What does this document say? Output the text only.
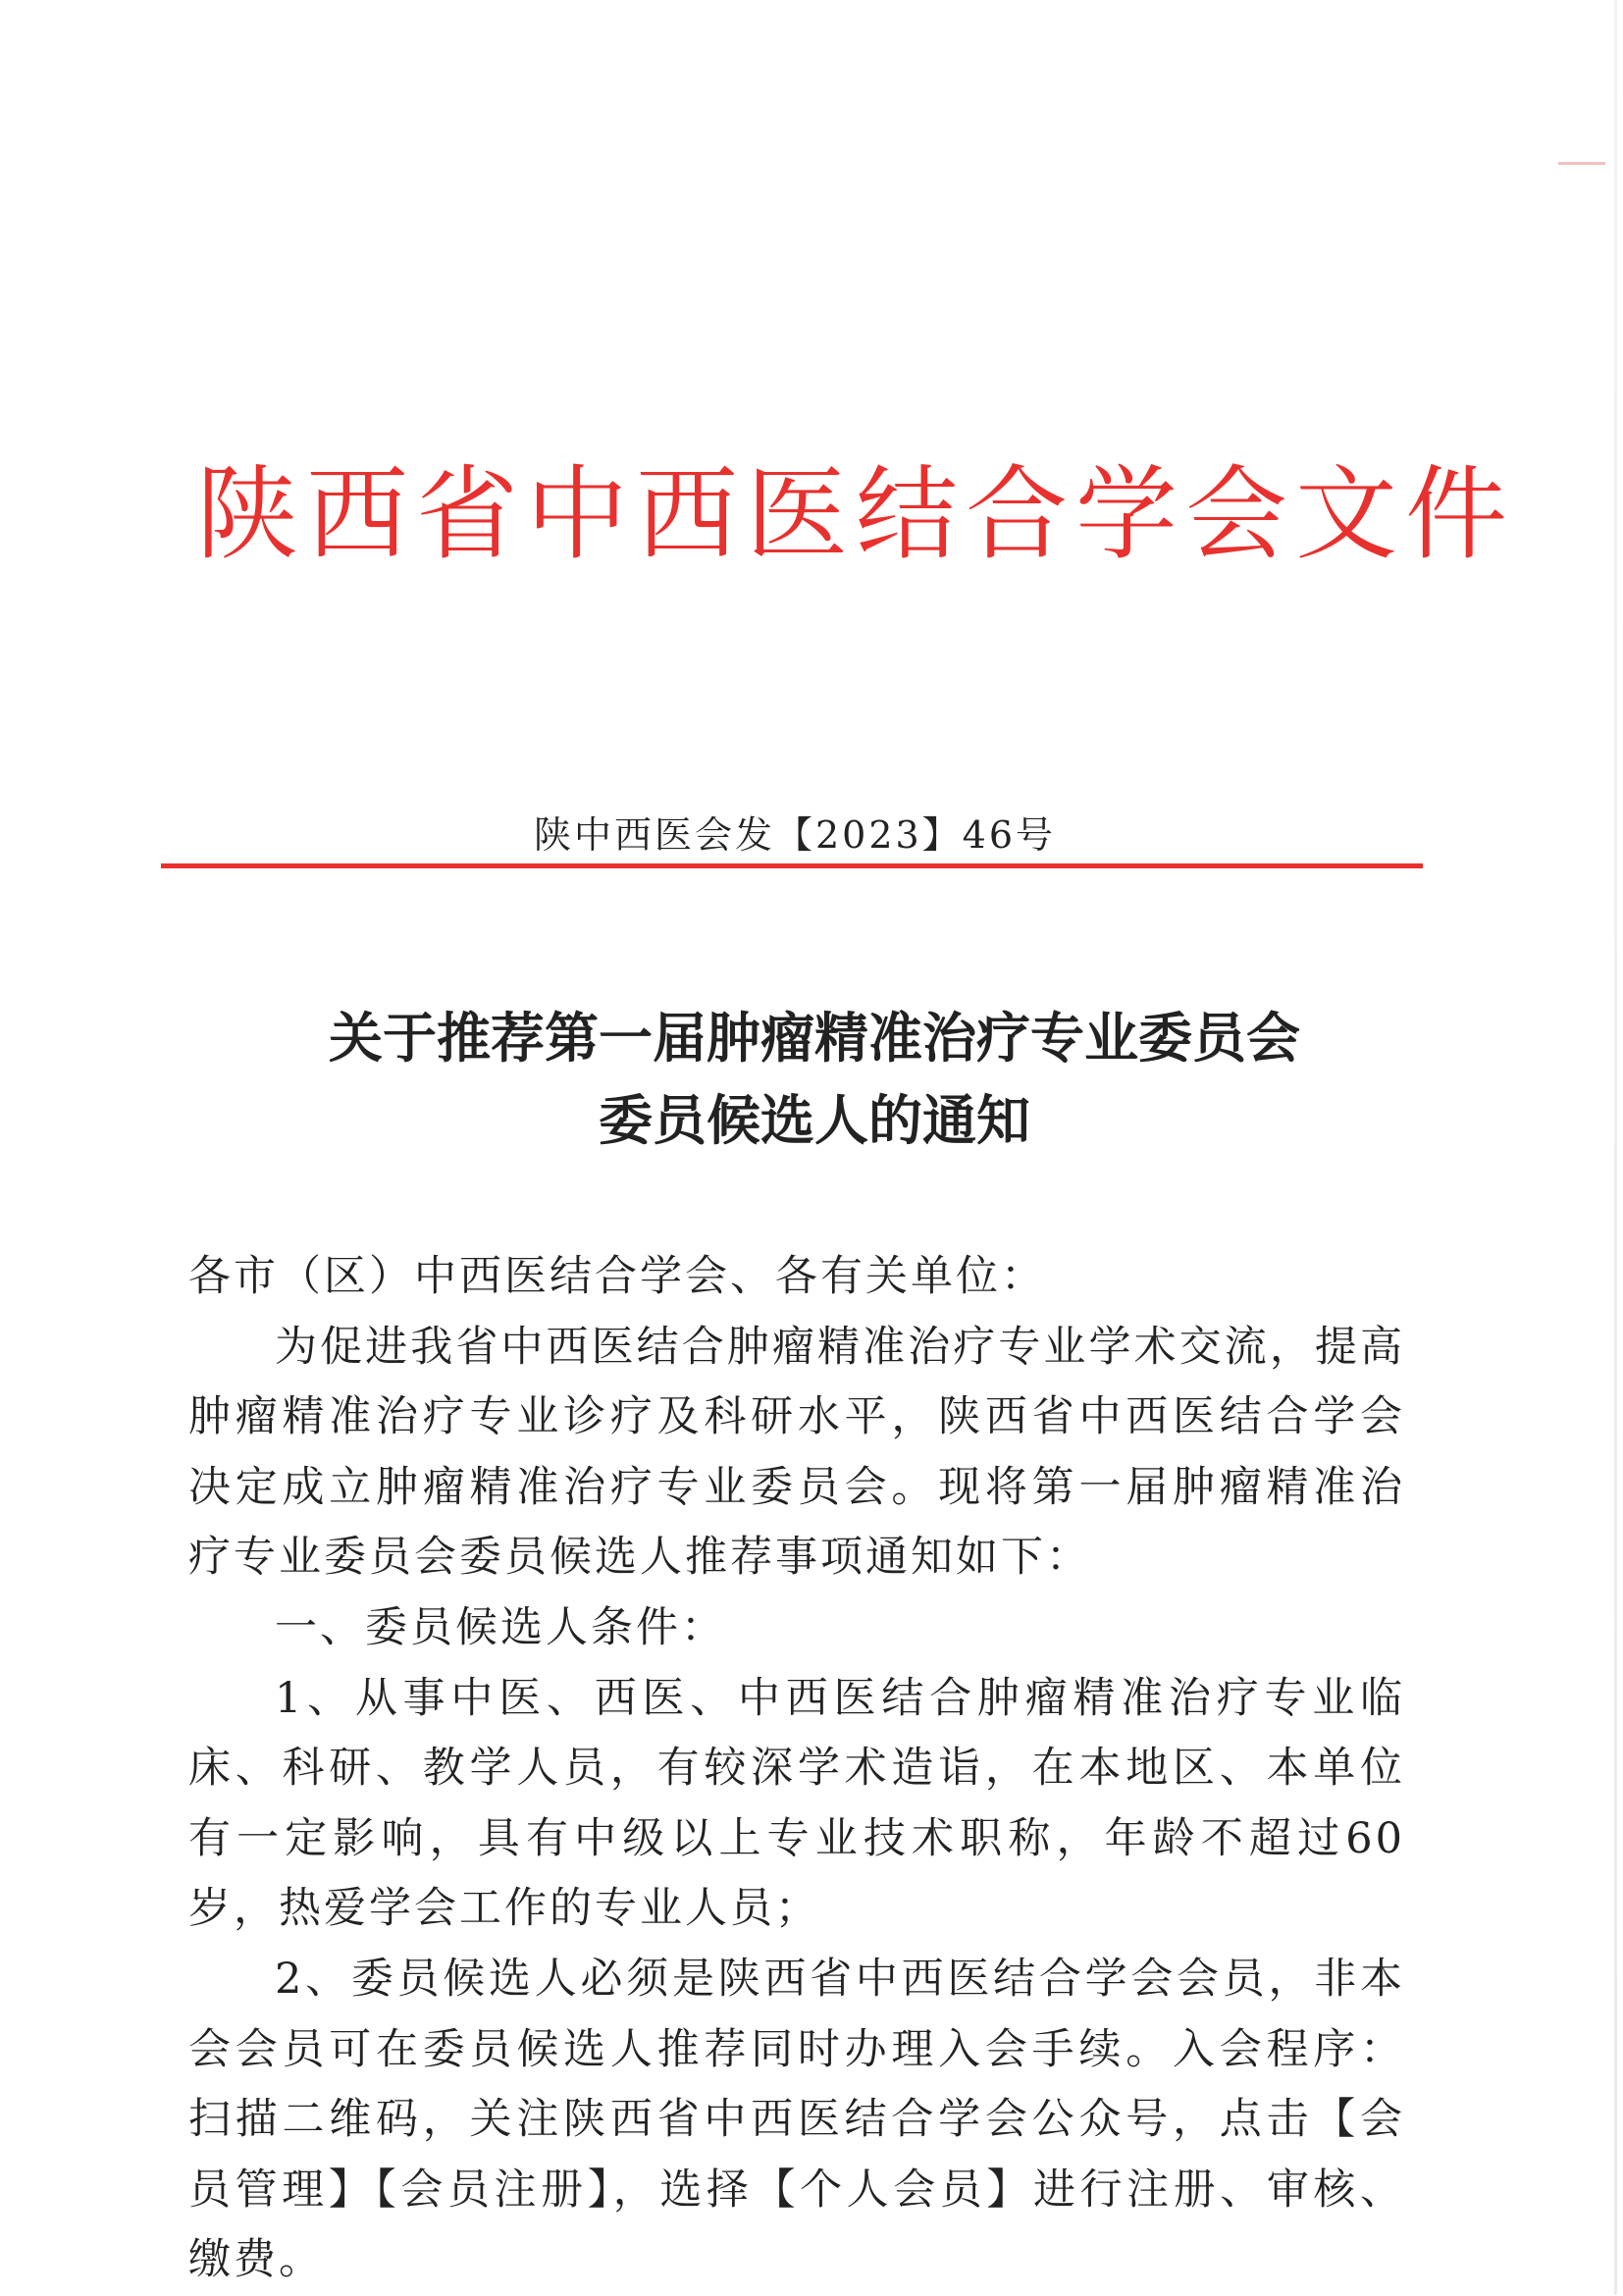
陕西省中西医结合学会文件
陕中西医会发【2023】46号
关于推荐第一届肿瘤精准治疗专业委员会
委员候选人的通知

各市（区）中西医结合学会、各有关单位：

为促进我省中西医结合肿瘤精准治疗专业学术交流，提高肿瘤精准治疗专业诊疗及科研水平，陕西省中西医结合学会决定成立肿瘤精准治疗专业委员会。现将第一届肿瘤精准治疗专业委员会委员候选人推荐事项通知如下：

一、委员候选人条件：

1、从事中医、西医、中西医结合肿瘤精准治疗专业临床、科研、教学人员，有较深学术造诣，在本地区、本单位有一定影响，具有中级以上专业技术职称，年龄不超过60岁，热爱学会工作的专业人员；

2、委员候选人必须是陕西省中西医结合学会会员，非本会会员可在委员候选人推荐同时办理入会手续。入会程序：扫描二维码，关注陕西省中西医结合学会公众号，点击【会员管理】【会员注册】，选择【个人会员】进行注册、审核、缴费。
